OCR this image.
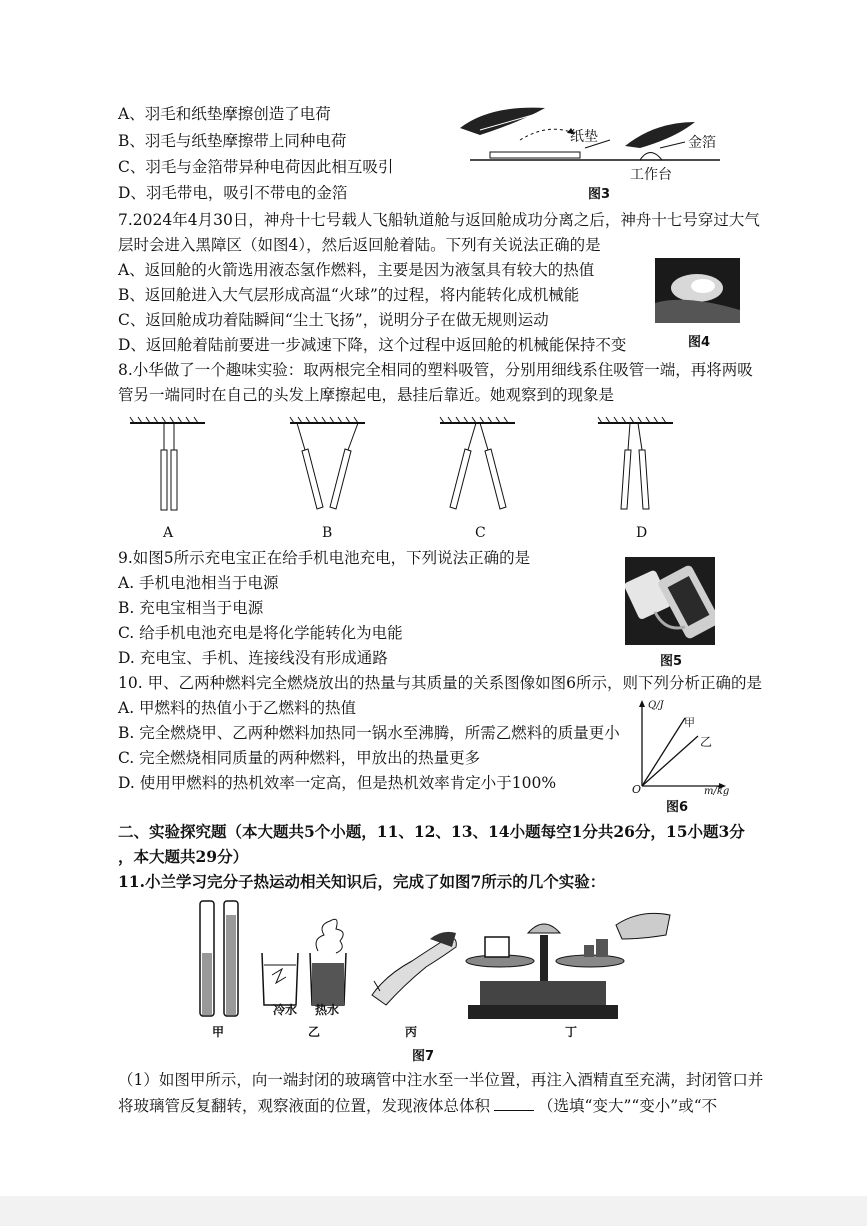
A、羽毛和纸垫摩擦创造了电荷
B、羽毛与纸垫摩擦带上同种电荷
C、羽毛与金箔带异种电荷因此相互吸引
D、羽毛带电，吸引不带电的金箔
纸垫	金箔
工作台
图3
7.2024年4月30日，神舟十七号载人飞船轨道舱与返回舱成功分离之后，神舟十七号穿过大气
层时会进入黑障区（如图4），然后返回舱着陆。下列有关说法正确的是
A、返回舱的火箭选用液态氢作燃料，主要是因为液氢具有较大的热值
B、返回舱进入大气层形成高温“火球”的过程，将内能转化成机械能
C、返回舱成功着陆瞬间“尘土飞扬”，说明分子在做无规则运动
D、返回舱着陆前要进一步减速下降，这个过程中返回舱的机械能保持不变	图4
8.小华做了一个趣味实验：取两根完全相同的塑料吸管，分别用细线系住吸管一端，再将两吸
管另一端同时在自己的头发上摩擦起电，悬挂后靠近。她观察到的现象是
A	B	C	D
9.如图5所示充电宝正在给手机电池充电，下列说法正确的是
A. 手机电池相当于电源
B. 充电宝相当于电源
C. 给手机电池充电是将化学能转化为电能
D. 充电宝、手机、连接线没有形成通路	图5
10. 甲、乙两种燃料完全燃烧放出的热量与其质量的关系图像如图6所示，则下列分析正确的是
A. 甲燃料的热值小于乙燃料的热值
B. 完全燃烧甲、乙两种燃料加热同一锅水至沸腾，所需乙燃料的质量更小
C. 完全燃烧相同质量的两种燃料，甲放出的热量更多
D. 使用甲燃料的热机效率一定高，但是热机效率肯定小于100%
Q/J
m/kg
O
甲
乙
图6
二、实验探究题（本大题共5个小题，11、12、13、14小题每空1分共26分，15小题3分
，本大题共29分）
11.小兰学习完分子热运动相关知识后，完成了如图7所示的几个实验：
冷水 热水
甲	乙	丙	丁
图7
（1）如图甲所示，向一端封闭的玻璃管中注水至一半位置，再注入酒精直至充满，封闭管口并
将玻璃管反复翻转，观察液面的位置，发现液体总体积	（选填“变大”“变小”或“不
